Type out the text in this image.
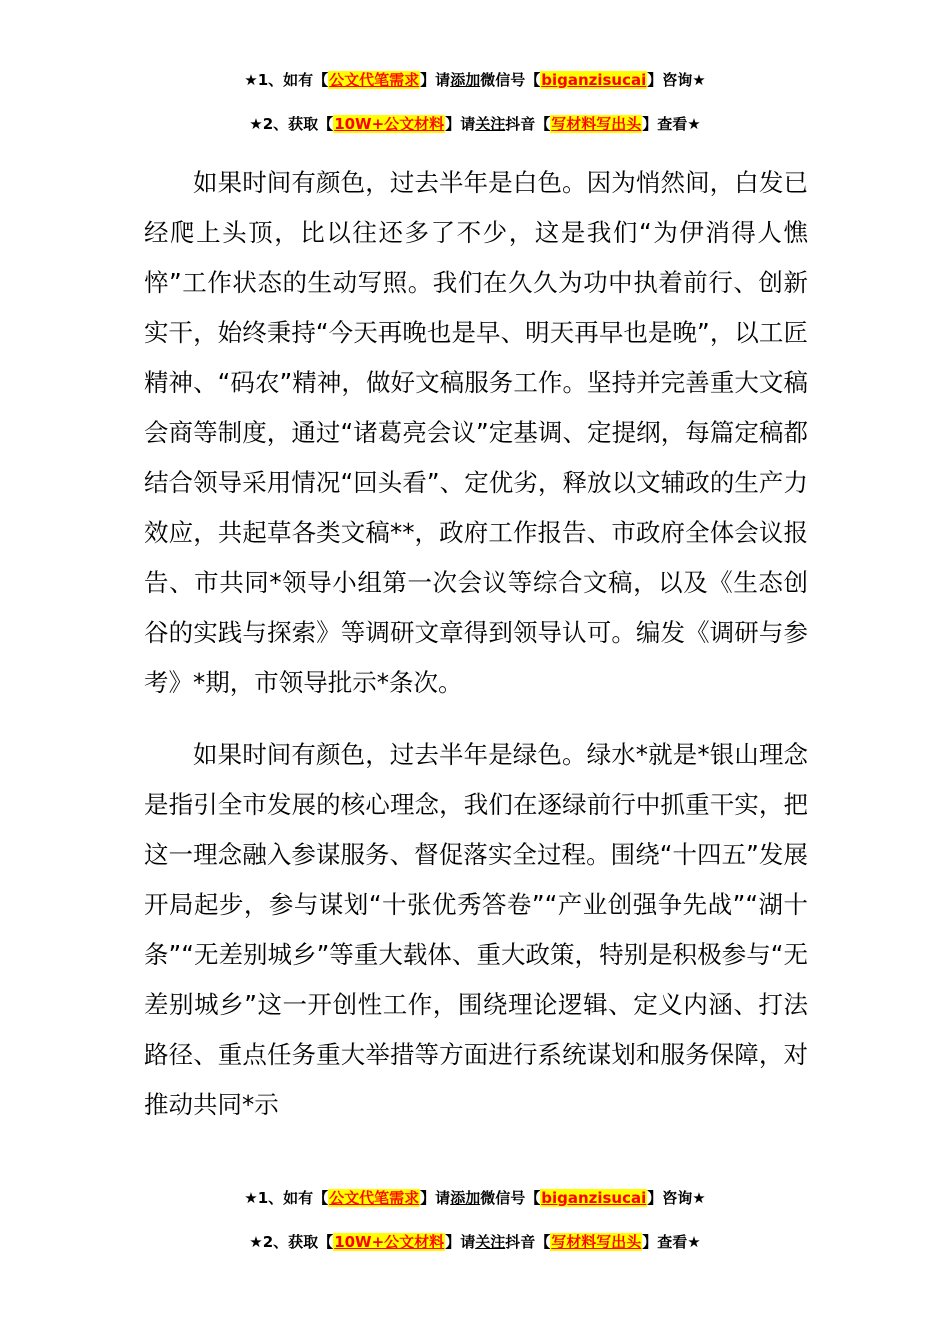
★1、如有【公文代笔需求】请添加微信号【biganzisucai】咨询★
★2、获取【10W+公文材料】请关注抖音【写材料写出头】查看★

如果时间有颜色，过去半年是白色。因为悄然间，白发已经爬上头顶，比以往还多了不少，这是我们“为伊消得人憔悴”工作状态的生动写照。我们在久久为功中执着前行、创新实干，始终秉持“今天再晚也是早、明天再早也是晚”，以工匠精神、“码农”精神，做好文稿服务工作。坚持并完善重大文稿会商等制度，通过“诸葛亮会议”定基调、定提纲，每篇定稿都结合领导采用情况“回头看”、定优劣，释放以文辅政的生产力效应，共起草各类文稿**，政府工作报告、市政府全体会议报告、市共同*领导小组第一次会议等综合文稿，以及《生态创谷的实践与探索》等调研文章得到领导认可。编发《调研与参考》*期，市领导批示*条次。

如果时间有颜色，过去半年是绿色。绿水*就是*银山理念是指引全市发展的核心理念，我们在逐绿前行中抓重干实，把这一理念融入参谋服务、督促落实全过程。围绕“十四五”发展开局起步，参与谋划“十张优秀答卷”“产业创强争先战”“湖十条”“无差别城乡”等重大载体、重大政策，特别是积极参与“无差别城乡”这一开创性工作，围绕理论逻辑、定义内涵、打法路径、重点任务重大举措等方面进行系统谋划和服务保障，对推动共同*示

★1、如有【公文代笔需求】请添加微信号【biganzisucai】咨询★
★2、获取【10W+公文材料】请关注抖音【写材料写出头】查看★
